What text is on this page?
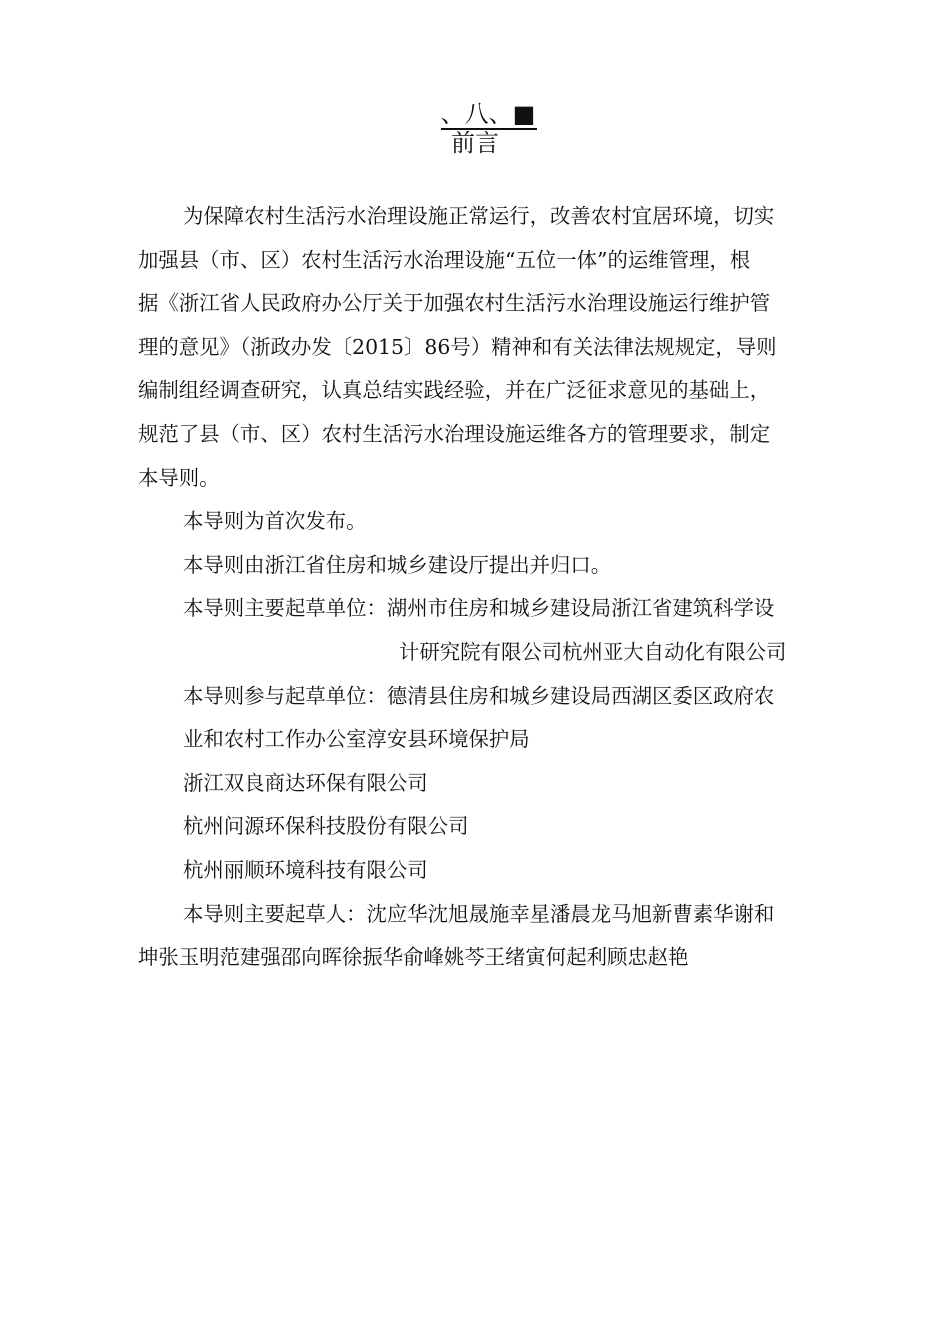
、八、■
前言

为保障农村生活污水治理设施正常运行，改善农村宜居环境，切实

加强县（市、区）农村生活污水治理设施“五位一体”的运维管理，根

据《浙江省人民政府办公厅关于加强农村生活污水治理设施运行维护管

理的意见》（浙政办发〔2015〕86号）精神和有关法律法规规定，导则

编制组经调查研究，认真总结实践经验，并在广泛征求意见的基础上，

规范了县（市、区）农村生活污水治理设施运维各方的管理要求，制定

本导则。

本导则为首次发布。

本导则由浙江省住房和城乡建设厅提出并归口。

本导则主要起草单位：湖州市住房和城乡建设局浙江省建筑科学设

计研究院有限公司杭州亚大自动化有限公司

本导则参与起草单位：德清县住房和城乡建设局西湖区委区政府农

业和农村工作办公室淳安县环境保护局

浙江双良商达环保有限公司

杭州问源环保科技股份有限公司

杭州丽顺环境科技有限公司

本导则主要起草人：沈应华沈旭晟施幸星潘晨龙马旭新曹素华谢和

坤张玉明范建强邵向晖徐振华俞峰姚芩王绪寅何起利顾忠赵艳
